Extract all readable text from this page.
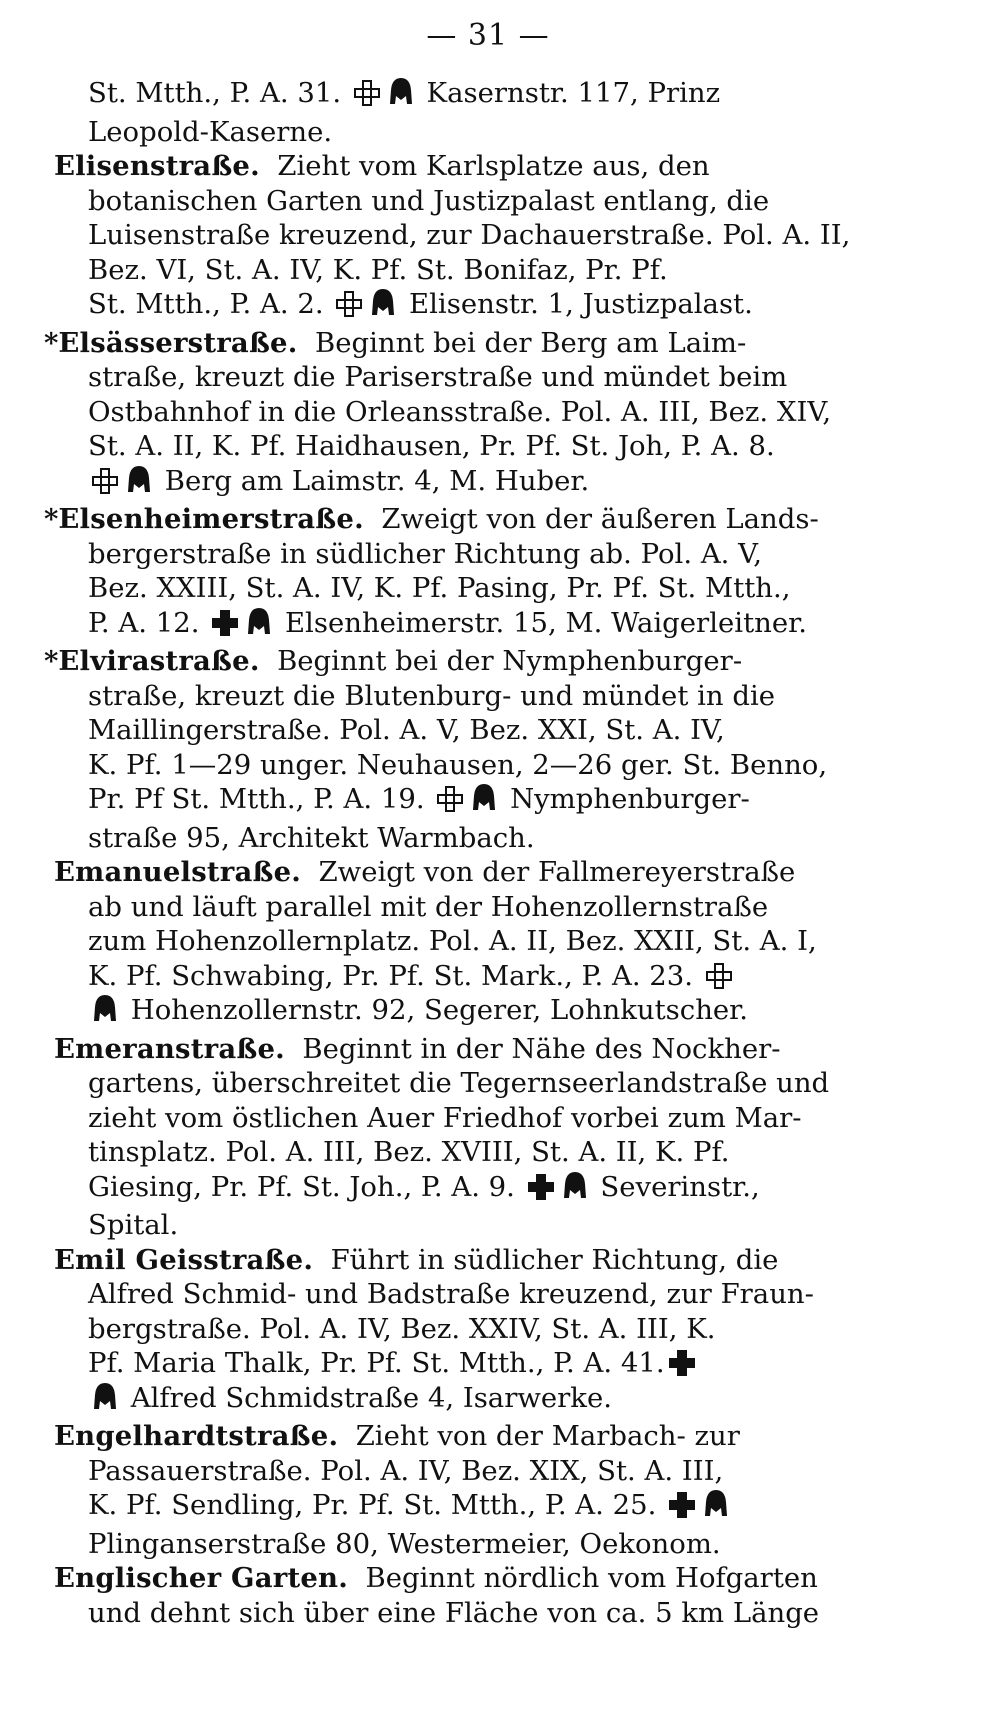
— 31 —
St. Mtth., P. A. 31.  Kasernstr. 117, Prinz
Leopold-Kaserne.
Elisenstraße. Zieht vom Karlsplatze aus, den
botanischen Garten und Justizpalast entlang, die
Luisenstraße kreuzend, zur Dachauerstraße. Pol. A. II,
Bez. VI, St. A. IV, K. Pf. St. Bonifaz, Pr. Pf.
St. Mtth., P. A. 2.  Elisenstr. 1, Justizpalast.
*Elsässerstraße. Beginnt bei der Berg am Laim-
straße, kreuzt die Pariserstraße und mündet beim
Ostbahnhof in die Orleansstraße. Pol. A. III, Bez. XIV,
St. A. II, K. Pf. Haidhausen, Pr. Pf. St. Joh, P. A. 8.
Berg am Laimstr. 4, M. Huber.
*Elsenheimerstraße. Zweigt von der äußeren Lands-
bergerstraße in südlicher Richtung ab. Pol. A. V,
Bez. XXIII, St. A. IV, K. Pf. Pasing, Pr. Pf. St. Mtth.,
P. A. 12.  Elsenheimerstr. 15, M. Waigerleitner.
*Elvirastraße. Beginnt bei der Nymphenburger-
straße, kreuzt die Blutenburg- und mündet in die
Maillingerstraße. Pol. A. V, Bez. XXI, St. A. IV,
K. Pf. 1—29 unger. Neuhausen, 2—26 ger. St. Benno,
Pr. Pf St. Mtth., P. A. 19.  Nymphenburger-
straße 95, Architekt Warmbach.
Emanuelstraße. Zweigt von der Fallmereyerstraße
ab und läuft parallel mit der Hohenzollernstraße
zum Hohenzollernplatz. Pol. A. II, Bez. XXII, St. A. I,
K. Pf. Schwabing, Pr. Pf. St. Mark., P. A. 23.
Hohenzollernstr. 92, Segerer, Lohnkutscher.
Emeranstraße. Beginnt in der Nähe des Nockher-
gartens, überschreitet die Tegernseerlandstraße und
zieht vom östlichen Auer Friedhof vorbei zum Mar-
tinsplatz. Pol. A. III, Bez. XVIII, St. A. II, K. Pf.
Giesing, Pr. Pf. St. Joh., P. A. 9.  Severinstr.,
Spital.
Emil Geisstraße. Führt in südlicher Richtung, die
Alfred Schmid- und Badstraße kreuzend, zur Fraun-
bergstraße. Pol. A. IV, Bez. XXIV, St. A. III, K.
Pf. Maria Thalk, Pr. Pf. St. Mtth., P. A. 41.
Alfred Schmidstraße 4, Isarwerke.
Engelhardtstraße. Zieht von der Marbach- zur
Passauerstraße. Pol. A. IV, Bez. XIX, St. A. III,
K. Pf. Sendling, Pr. Pf. St. Mtth., P. A. 25.
Plinganserstraße 80, Westermeier, Oekonom.
Englischer Garten. Beginnt nördlich vom Hofgarten
und dehnt sich über eine Fläche von ca. 5 km Länge
